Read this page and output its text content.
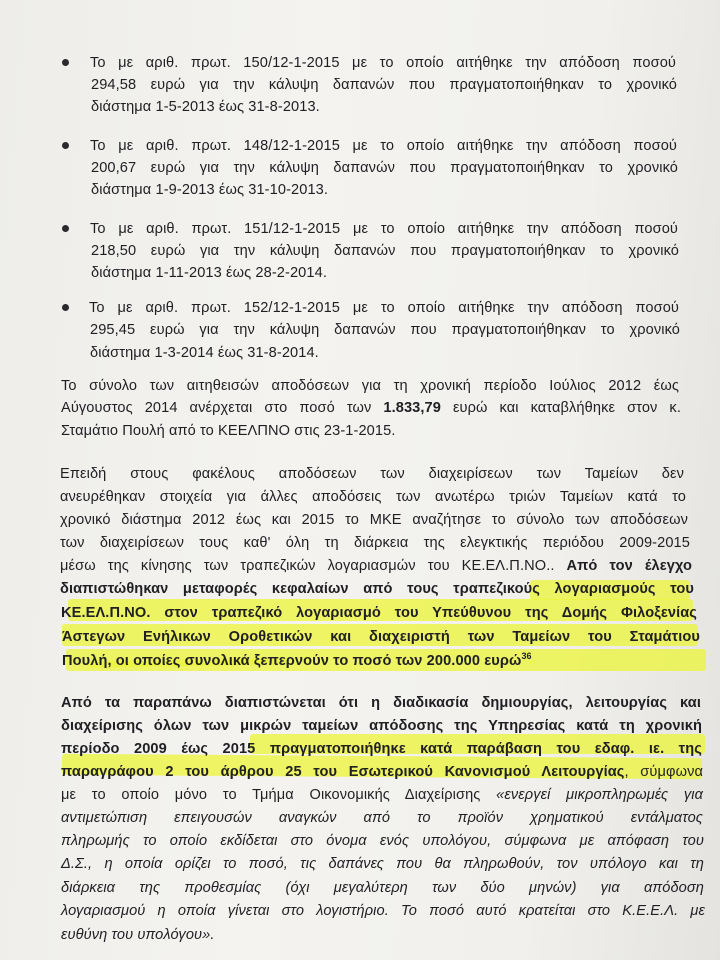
Το με αριθ. πρωτ. 150/12-1-2015 με το οποίο αιτήθηκε την απόδοση ποσού
294,58 ευρώ για την κάλυψη δαπανών που πραγματοποιήθηκαν το χρονικό
διάστημα 1-5-2013 έως 31-8-2013.
Το με αριθ. πρωτ. 148/12-1-2015 με το οποίο αιτήθηκε την απόδοση ποσού
200,67 ευρώ για την κάλυψη δαπανών που πραγματοποιήθηκαν το χρονικό
διάστημα 1-9-2013 έως 31-10-2013.
Το με αριθ. πρωτ. 151/12-1-2015 με το οποίο αιτήθηκε την απόδοση ποσού
218,50 ευρώ για την κάλυψη δαπανών που πραγματοποιήθηκαν το χρονικό
διάστημα 1-11-2013 έως 28-2-2014.
Το με αριθ. πρωτ. 152/12-1-2015 με το οποίο αιτήθηκε την απόδοση ποσού
295,45 ευρώ για την κάλυψη δαπανών που πραγματοποιήθηκαν το χρονικό
διάστημα 1-3-2014 έως 31-8-2014.
Το σύνολο των αιτηθεισών αποδόσεων για τη χρονική περίοδο Ιούλιος 2012 έως
Αύγουστος 2014 ανέρχεται στο ποσό των 1.833,79 ευρώ και καταβλήθηκε στον κ.
Σταμάτιο Πουλή από το ΚΕΕΛΠΝΟ στις 23-1-2015.
Επειδή στους φακέλους αποδόσεων των διαχειρίσεων των Ταμείων δεν
ανευρέθηκαν στοιχεία για άλλες αποδόσεις των ανωτέρω τριών Ταμείων κατά το
χρονικό διάστημα 2012 έως και 2015 το ΜΚΕ αναζήτησε το σύνολο των αποδόσεων
των διαχειρίσεων τους καθ' όλη τη διάρκεια της ελεγκτικής περιόδου 2009-2015
μέσω της κίνησης των τραπεζικών λογαριασμών του ΚΕ.ΕΛ.Π.ΝΟ.. Από τον έλεγχο
διαπιστώθηκαν μεταφορές κεφαλαίων από τους τραπεζικούς λογαριασμούς του
ΚΕ.ΕΛ.Π.ΝΟ. στον τραπεζικό λογαριασμό του Υπεύθυνου της Δομής Φιλοξενίας
Άστεγων Ενήλικων Οροθετικών και διαχειριστή των Ταμείων του Σταμάτιου
Πουλή, οι οποίες συνολικά ξεπερνούν το ποσό των 200.000 ευρώ$^{36}$
Από τα παραπάνω διαπιστώνεται ότι η διαδικασία δημιουργίας, λειτουργίας και
διαχείρισης όλων των μικρών ταμείων απόδοσης της Υπηρεσίας κατά τη χρονική
περίοδο 2009 έως 2015 πραγματοποιήθηκε κατά παράβαση του εδαφ. ιε. της
παραγράφου 2 του άρθρου 25 του Εσωτερικού Κανονισμού Λειτουργίας, σύμφωνα
με το οποίο μόνο το Τμήμα Οικονομικής Διαχείρισης «ενεργεί μικροπληρωμές για
αντιμετώπιση επειγουσών αναγκών από το προϊόν χρηματικού εντάλματος
πληρωμής το οποίο εκδίδεται στο όνομα ενός υπολόγου, σύμφωνα με απόφαση του
Δ.Σ., η οποία ορίζει το ποσό, τις δαπάνες που θα πληρωθούν, τον υπόλογο και τη
διάρκεια της προθεσμίας (όχι μεγαλύτερη των δύο μηνών) για απόδοση
λογαριασμού η οποία γίνεται στο λογιστήριο. Το ποσό αυτό κρατείται στο Κ.Ε.Ε.Λ. με
ευθύνη του υπολόγου».
